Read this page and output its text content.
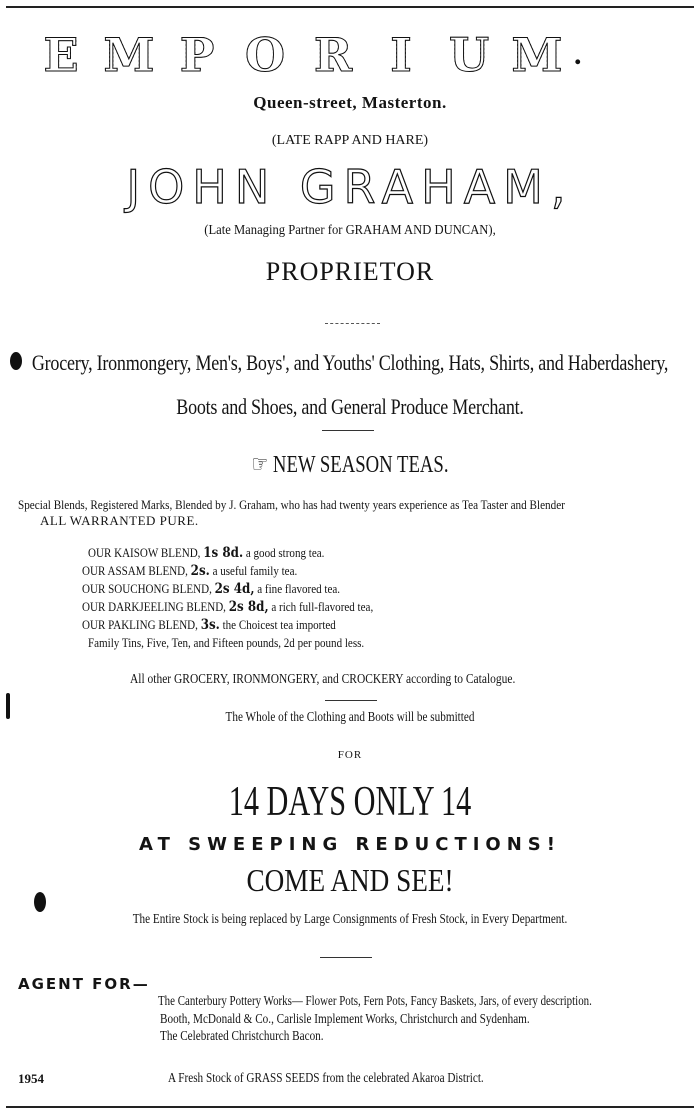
E M P O R I U M .
Queen-street, Masterton.
(LATE RAPP AND HARE)
JOHN GRAHAM,
(Late Managing Partner for GRAHAM AND DUNCAN),
PROPRIETOR
Grocery, Ironmongery, Men's, Boys', and Youths' Clothing, Hats, Shirts, and Haberdashery,
Boots and Shoes, and General Produce Merchant.
☞ NEW SEASON TEAS.
Special Blends, Registered Marks, Blended by J. Graham, who has had twenty years experience as Tea Taster and Blender
ALL WARRANTED PURE.
OUR KAISOW BLEND, 1s 8d. a good strong tea.
OUR ASSAM BLEND, 2s. a useful family tea.
OUR SOUCHONG BLEND, 2s 4d, a fine flavored tea.
OUR DARKJEELING BLEND, 2s 8d, a rich full-flavored tea,
OUR PAKLING BLEND, 3s. the Choicest tea imported
Family Tins, Five, Ten, and Fifteen pounds, 2d per pound less.
All other GROCERY, IRONMONGERY, and CROCKERY according to Catalogue.
The Whole of the Clothing and Boots will be submitted
FOR
14 DAYS ONLY 14
AT SWEEPING REDUCTIONS!
COME AND SEE!
The Entire Stock is being replaced by Large Consignments of Fresh Stock, in Every Department.
AGENT FOR—
The Canterbury Pottery Works— Flower Pots, Fern Pots, Fancy Baskets, Jars, of every description.
Booth, McDonald & Co., Carlisle Implement Works, Christchurch and Sydenham.
The Celebrated Christchurch Bacon.
1954	A Fresh Stock of GRASS SEEDS from the celebrated Akaroa District.
